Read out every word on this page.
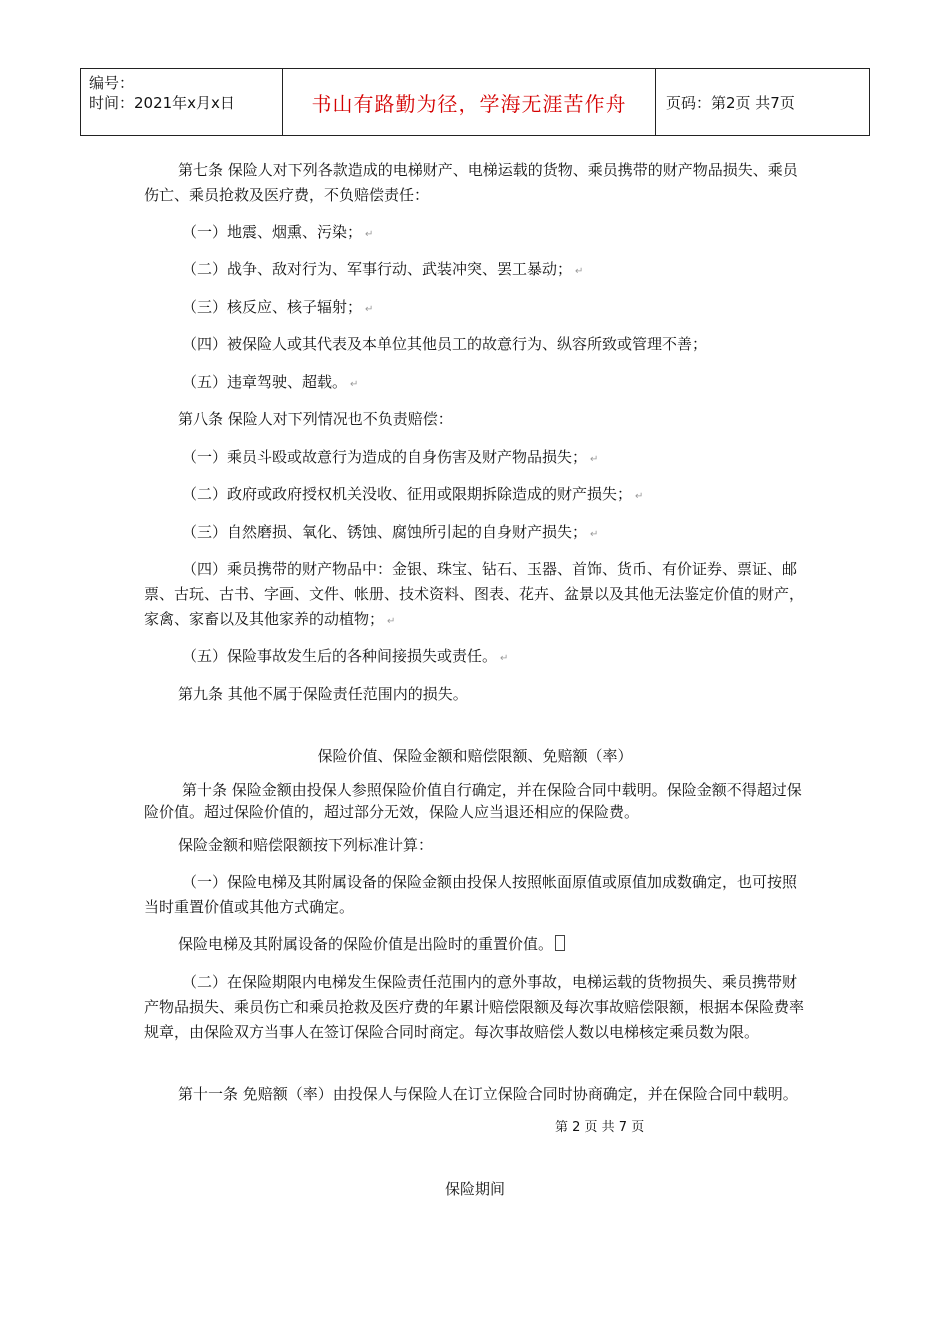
编号：
时间：2021年x月x日	书山有路勤为径，学海无涯苦作舟	页码：第2页 共7页
第七条 保险人对下列各款造成的电梯财产、电梯运载的货物、乘员携带的财产物品损失、乘员伤亡、乘员抢救及医疗费，不负赔偿责任：
（一）地震、烟熏、污染； ↵
（二）战争、敌对行为、军事行动、武装冲突、罢工暴动； ↵
（三）核反应、核子辐射； ↵
（四）被保险人或其代表及本单位其他员工的故意行为、纵容所致或管理不善；
（五）违章驾驶、超载。 ↵
第八条 保险人对下列情况也不负责赔偿：
（一）乘员斗殴或故意行为造成的自身伤害及财产物品损失； ↵
（二）政府或政府授权机关没收、征用或限期拆除造成的财产损失； ↵
（三）自然磨损、氧化、锈蚀、腐蚀所引起的自身财产损失； ↵
（四）乘员携带的财产物品中：金银、珠宝、钻石、玉器、首饰、货币、有价证券、票证、邮票、古玩、古书、字画、文件、帐册、技术资料、图表、花卉、盆景以及其他无法鉴定价值的财产，家禽、家畜以及其他家养的动植物； ↵
（五）保险事故发生后的各种间接损失或责任。 ↵
第九条 其他不属于保险责任范围内的损失。
保险价值、保险金额和赔偿限额、免赔额（率）
第十条 保险金额由投保人参照保险价值自行确定，并在保险合同中载明。保险金额不得超过保险价值。超过保险价值的，超过部分无效，保险人应当退还相应的保险费。
保险金额和赔偿限额按下列标准计算：
（一）保险电梯及其附属设备的保险金额由投保人按照帐面原值或原值加成数确定，也可按照当时重置价值或其他方式确定。
保险电梯及其附属设备的保险价值是出险时的重置价值。
（二）在保险期限内电梯发生保险责任范围内的意外事故，电梯运载的货物损失、乘员携带财产物品损失、乘员伤亡和乘员抢救及医疗费的年累计赔偿限额及每次事故赔偿限额，根据本保险费率规章，由保险双方当事人在签订保险合同时商定。每次事故赔偿人数以电梯核定乘员数为限。
第十一条 免赔额（率）由投保人与保险人在订立保险合同时协商确定，并在保险合同中载明。
第 2 页 共 7 页
保险期间
